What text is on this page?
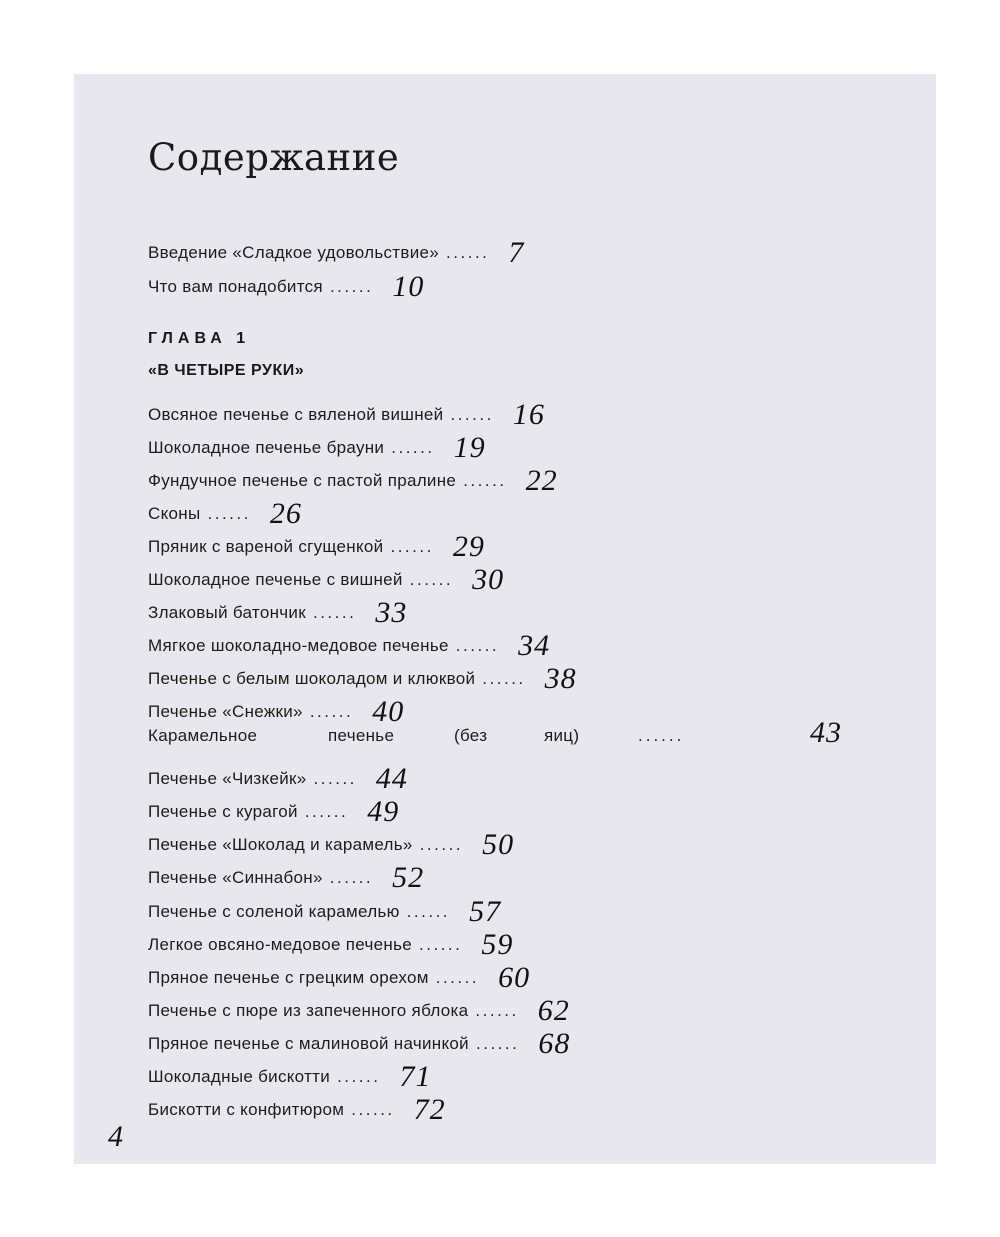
Содержание
Введение «Сладкое удовольствие» ...... 7
Что вам понадобится ...... 10
ГЛАВА 1
«В ЧЕТЫРЕ РУКИ»
Овсяное печенье с вяленой вишней ...... 16
Шоколадное печенье брауни ...... 19
Фундучное печенье с пастой пралине ...... 22
Сконы ...... 26
Пряник с вареной сгущенкой ...... 29
Шоколадное печенье с вишней ...... 30
Злаковый батончик ...... 33
Мягкое шоколадно-медовое печенье ...... 34
Печенье с белым шоколадом и клюквой ...... 38
Печенье «Снежки» ...... 40
Карамельное	печенье	(без	яиц)	......	43
Печенье «Чизкейк» ...... 44
Печенье с курагой ...... 49
Печенье «Шоколад и карамель» ...... 50
Печенье «Синнабон» ...... 52
Печенье с соленой карамелью ...... 57
Легкое овсяно-медовое печенье ...... 59
Пряное печенье с грецким орехом ...... 60
Печенье с пюре из запеченного яблока ...... 62
Пряное печенье с малиновой начинкой ...... 68
Шоколадные бискотти ...... 71
Бискотти с конфитюром ...... 72
4
